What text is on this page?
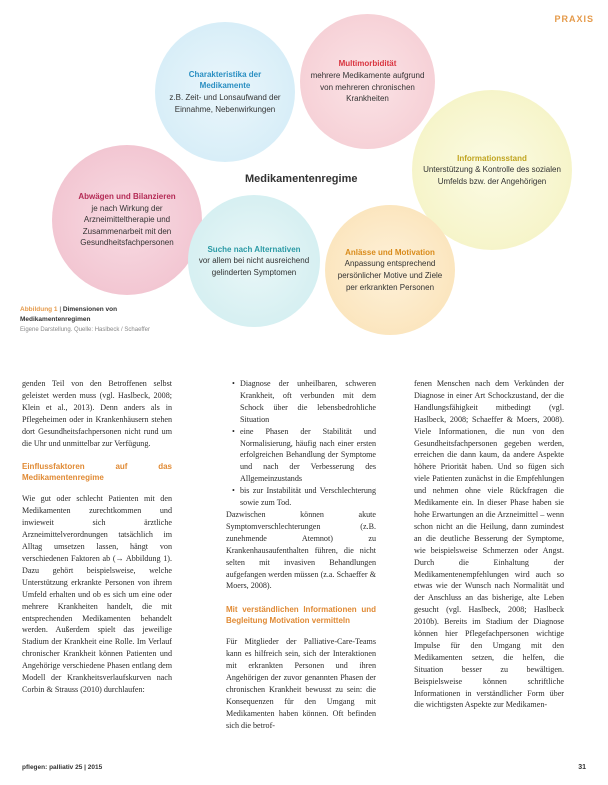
PRAXIS
Charakteristika der Medikamente
z.B. Zeit- und Lonsaufwand der Einnahme, Nebenwirkungen
Multimorbidität
mehrere Medikamente aufgrund von mehreren chronischen Krankheiten
Informationsstand
Unterstützung & Kontrolle des sozialen Umfelds bzw. der Angehörigen
Abwägen und Bilanzieren
je nach Wirkung der Arzneimitteltherapie und Zusammenarbeit mit den Gesundheitsfachpersonen
Suche nach Alternativen
vor allem bei nicht ausreichend gelinderten Symptomen
Anlässe und Motivation
Anpassung entsprechend persönlicher Motive und Ziele per erkrankten Personen
Medikamentenregime
Abbildung 1 | Dimensionen von Medikamentenregimen
Eigene Darstellung. Quelle: Haslbeck / Schaeffer

genden Teil von den Betroffenen selbst geleistet werden muss (vgl. Haslbeck, 2008; Klein et al., 2013). Denn anders als in Pflegeheimen oder in Krankenhäusern stehen dort Gesundheitsfachpersonen nicht rund um die Uhr und unmittelbar zur Verfügung.

Einflussfaktoren auf das Medikamentenregime

Wie gut oder schlecht Patienten mit den Medikamenten zurechtkommen und inwieweit sich ärztliche Arzneimittelverordnungen tatsächlich im Alltag umsetzen lassen, hängt von verschiedenen Faktoren ab (→ Abbildung 1). Dazu gehört beispielsweise, welche Unterstützung erkrankte Personen von ihrem Umfeld erhalten und ob es sich um eine oder mehrere Krankheiten handelt, die mit entsprechenden Medikamenten behandelt werden. Außerdem spielt das jeweilige Stadium der Krankheit eine Rolle. Im Verlauf chronischer Krankheit können Patienten und Angehörige verschiedene Phasen entlang dem Modell der Krankheitsverlaufskurven nach Corbin & Strauss (2010) durchlaufen:

• Diagnose der unheilbaren, schweren Krankheit, oft verbunden mit dem Schock über die lebensbedrohliche Situation
• eine Phasen der Stabilität und Normalisierung, häufig nach einer ersten erfolgreichen Behandlung der Symptome und nach der Verbesserung des Allgemeinzustands
• bis zur Instabilität und Verschlechterung sowie zum Tod.

Dazwischen können akute Symptomverschlechterungen (z.B. zunehmende Atemnot) zu Krankenhausaufenthalten führen, die nicht selten mit invasiven Behandlungen aufgefangen werden müssen (z.a. Schaeffer & Moers, 2008).

Mit verständlichen Informationen und Begleitung Motivation vermitteln

Für Mitglieder der Palliative-Care-Teams kann es hilfreich sein, sich der Interaktionen mit erkrankten Personen und ihren Angehörigen der zuvor genannten Phasen der chronischen Krankheit bewusst zu sein: die Konsequenzen für den Umgang mit Medikamenten haben können. Oft befinden sich die betrof-

fenen Menschen nach dem Verkünden der Diagnose in einer Art Schockzustand, der die Handlungsfähigkeit mitbedingt (vgl. Haslbeck, 2008; Schaeffer & Moers, 2008). Viele Informationen, die nun von den Gesundheitsfachpersonen gegeben werden, erreichen die dann kaum, da andere Aspekte höhere Priorität haben. Und so fügen sich viele Patienten zunächst in die Empfehlungen und nehmen ohne viele Rückfragen die Medikamente ein. In dieser Phase haben sie hohe Erwartungen an die Arzneimittel – wenn schon nicht an die Heilung, dann zumindest an die deutliche Besserung der Symptome, wie beispielsweise Schmerzen oder Angst. Durch die Einhaltung der Medikamentenempfehlungen wird auch so etwas wie der Wunsch nach Normalität und der Anschluss an das bisherige, alte Leben gesucht (vgl. Haslbeck, 2008; Haslbeck 2010b). Bereits im Stadium der Diagnose können hier Pflegefachpersonen wichtige Impulse für den Umgang mit den Medikamenten setzen, die helfen, die Situation besser zu bewältigen. Beispielsweise können schriftliche Informationen in verständlicher Form über die wichtigsten Aspekte zur Medikamen-

pflegen: palliativ 25 | 2015	31
